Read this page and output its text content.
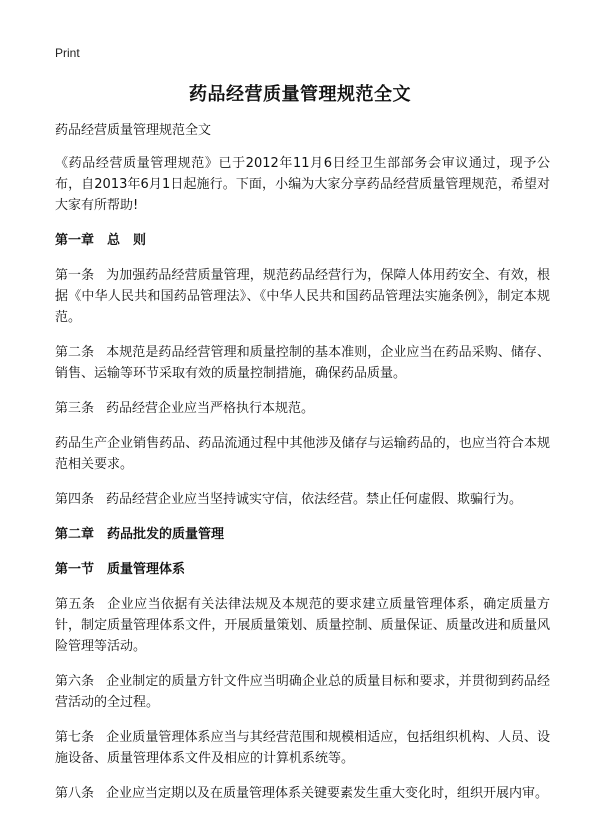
Print
药品经营质量管理规范全文

药品经营质量管理规范全文

《药品经营质量管理规范》已于2012年11月6日经卫生部部务会审议通过，现予公布，自2013年6月1日起施行。下面，小编为大家分享药品经营质量管理规范，希望对大家有所帮助!

第一章　总　则

第一条 为加强药品经营质量管理，规范药品经营行为，保障人体用药安全、有效，根据《中华人民共和国药品管理法》、《中华人民共和国药品管理法实施条例》，制定本规范。

第二条 本规范是药品经营管理和质量控制的基本准则，企业应当在药品采购、储存、销售、运输等环节采取有效的质量控制措施，确保药品质量。

第三条 药品经营企业应当严格执行本规范。

药品生产企业销售药品、药品流通过程中其他涉及储存与运输药品的，也应当符合本规范相关要求。

第四条 药品经营企业应当坚持诚实守信，依法经营。禁止任何虚假、欺骗行为。

第二章　药品批发的质量管理
第一节　质量管理体系

第五条 企业应当依据有关法律法规及本规范的要求建立质量管理体系，确定质量方针，制定质量管理体系文件，开展质量策划、质量控制、质量保证、质量改进和质量风险管理等活动。

第六条 企业制定的质量方针文件应当明确企业总的质量目标和要求，并贯彻到药品经营活动的全过程。

第七条 企业质量管理体系应当与其经营范围和规模相适应，包括组织机构、人员、设施设备、质量管理体系文件及相应的计算机系统等。

第八条 企业应当定期以及在质量管理体系关键要素发生重大变化时，组织开展内审。
